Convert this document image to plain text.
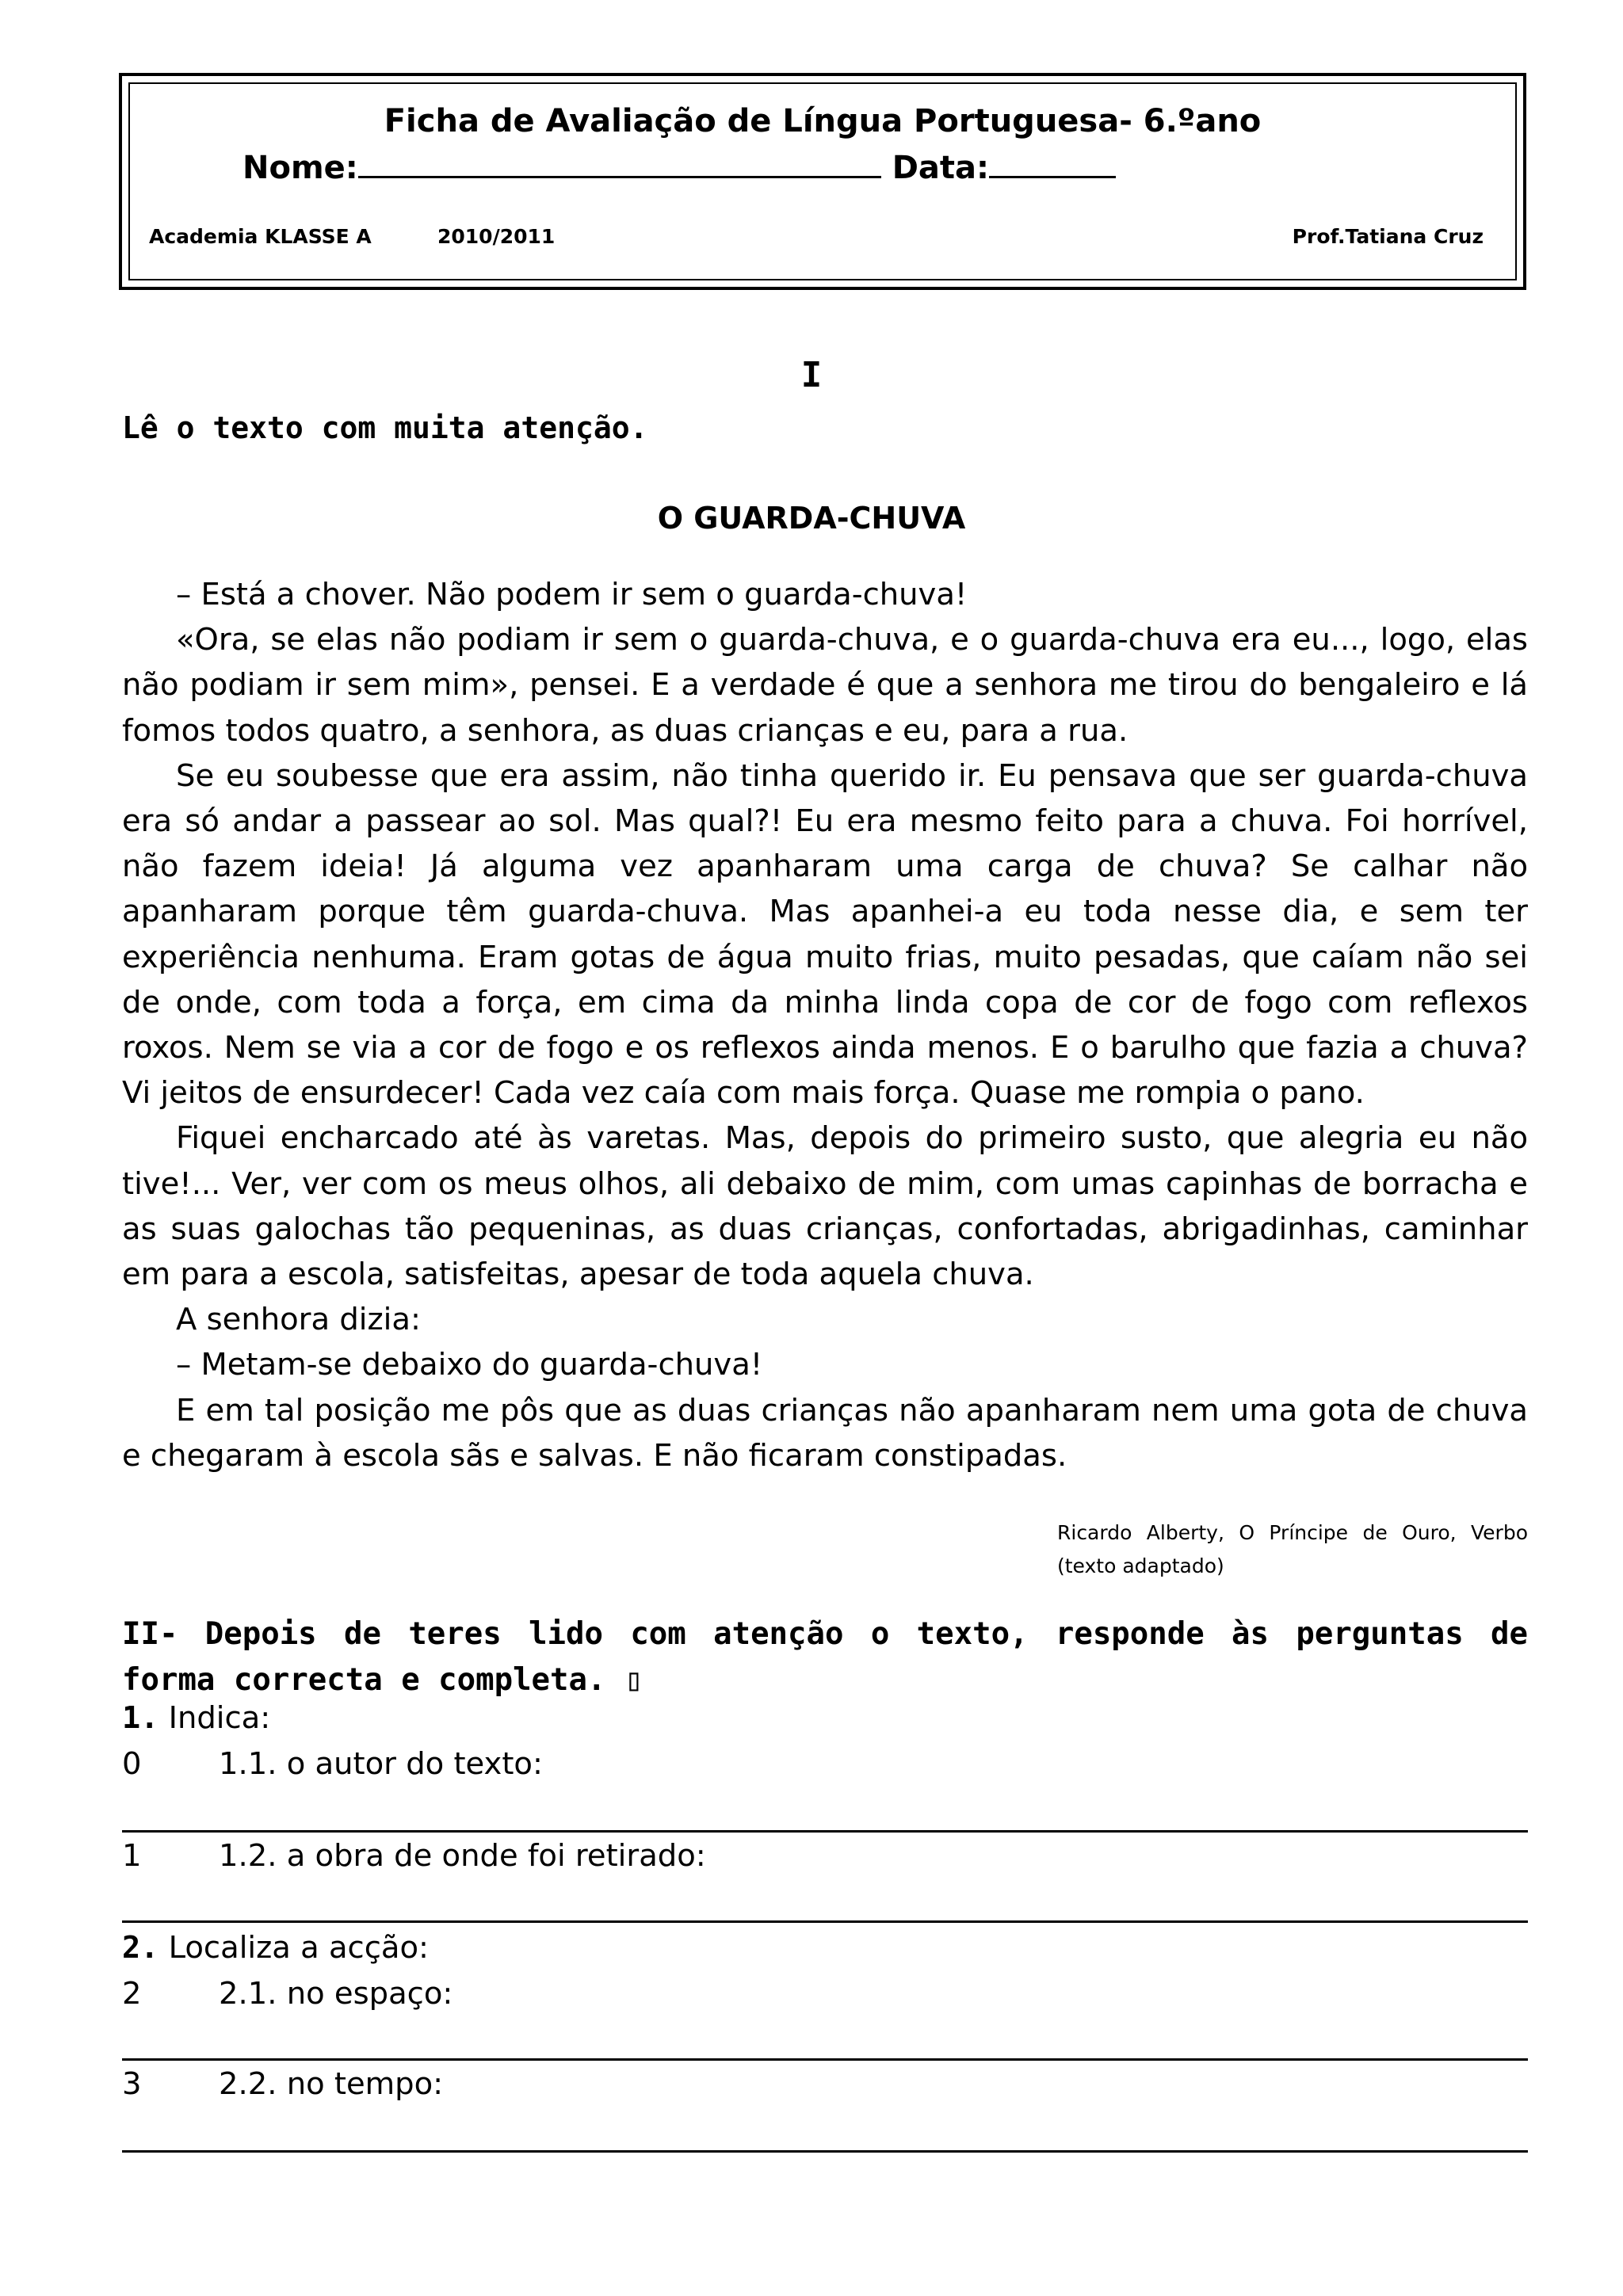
Ficha de Avaliação de Língua Portuguesa- 6.ºano
Nome:	Data:
Academia KLASSE A	2010/2011	Prof.Tatiana Cruz
I
Lê o texto com muita atenção.
O GUARDA-CHUVA

– Está a chover. Não podem ir sem o guarda-chuva!

«Ora, se elas não podiam ir sem o guarda-chuva, e o guarda-chuva era eu..., logo, elas não podiam ir sem mim», pensei. E a verdade é que a senhora me tirou do bengaleiro e lá fomos todos quatro, a senhora, as duas crianças e eu, para a rua.

Se eu soubesse que era assim, não tinha querido ir. Eu pensava que ser guarda-chuva era só andar a passear ao sol. Mas qual?! Eu era mesmo feito para a chuva. Foi horrível, não fazem ideia! Já alguma vez apanharam uma carga de chuva? Se calhar não apanharam porque têm guarda-chuva. Mas apanhei-a eu toda nesse dia, e sem ter experiência nenhuma. Eram gotas de água muito frias, muito pesadas, que caíam não sei de onde, com toda a força, em cima da minha linda copa de cor de fogo com reflexos roxos. Nem se via a cor de fogo e os reflexos ainda menos. E o barulho que fazia a chuva? Vi jeitos de ensurdecer! Cada vez caía com mais força. Quase me rompia o pano.

Fiquei encharcado até às varetas. Mas, depois do primeiro susto, que alegria eu não tive!... Ver, ver com os meus olhos, ali debaixo de mim, com umas capinhas de borracha e as suas galochas tão pequeninas, as duas crianças, confortadas, abrigadinhas, caminhar em para a escola, satisfeitas, apesar de toda aquela chuva.

A senhora dizia:

– Metam-se debaixo do guarda-chuva!

E em tal posição me pôs que as duas crianças não apanharam nem uma gota de chuva e chegaram à escola sãs e salvas. E não ficaram constipadas.

Ricardo Alberty, O Príncipe de Ouro, Verbo (texto adaptado)
II- Depois de teres lido com atenção o texto, responde às perguntas de forma correcta e completa. ▯
1. Indica:
0	1.1. o autor do texto:
1	1.2. a obra de onde foi retirado:
2. Localiza a acção:
2	2.1. no espaço:
3	2.2. no tempo:
